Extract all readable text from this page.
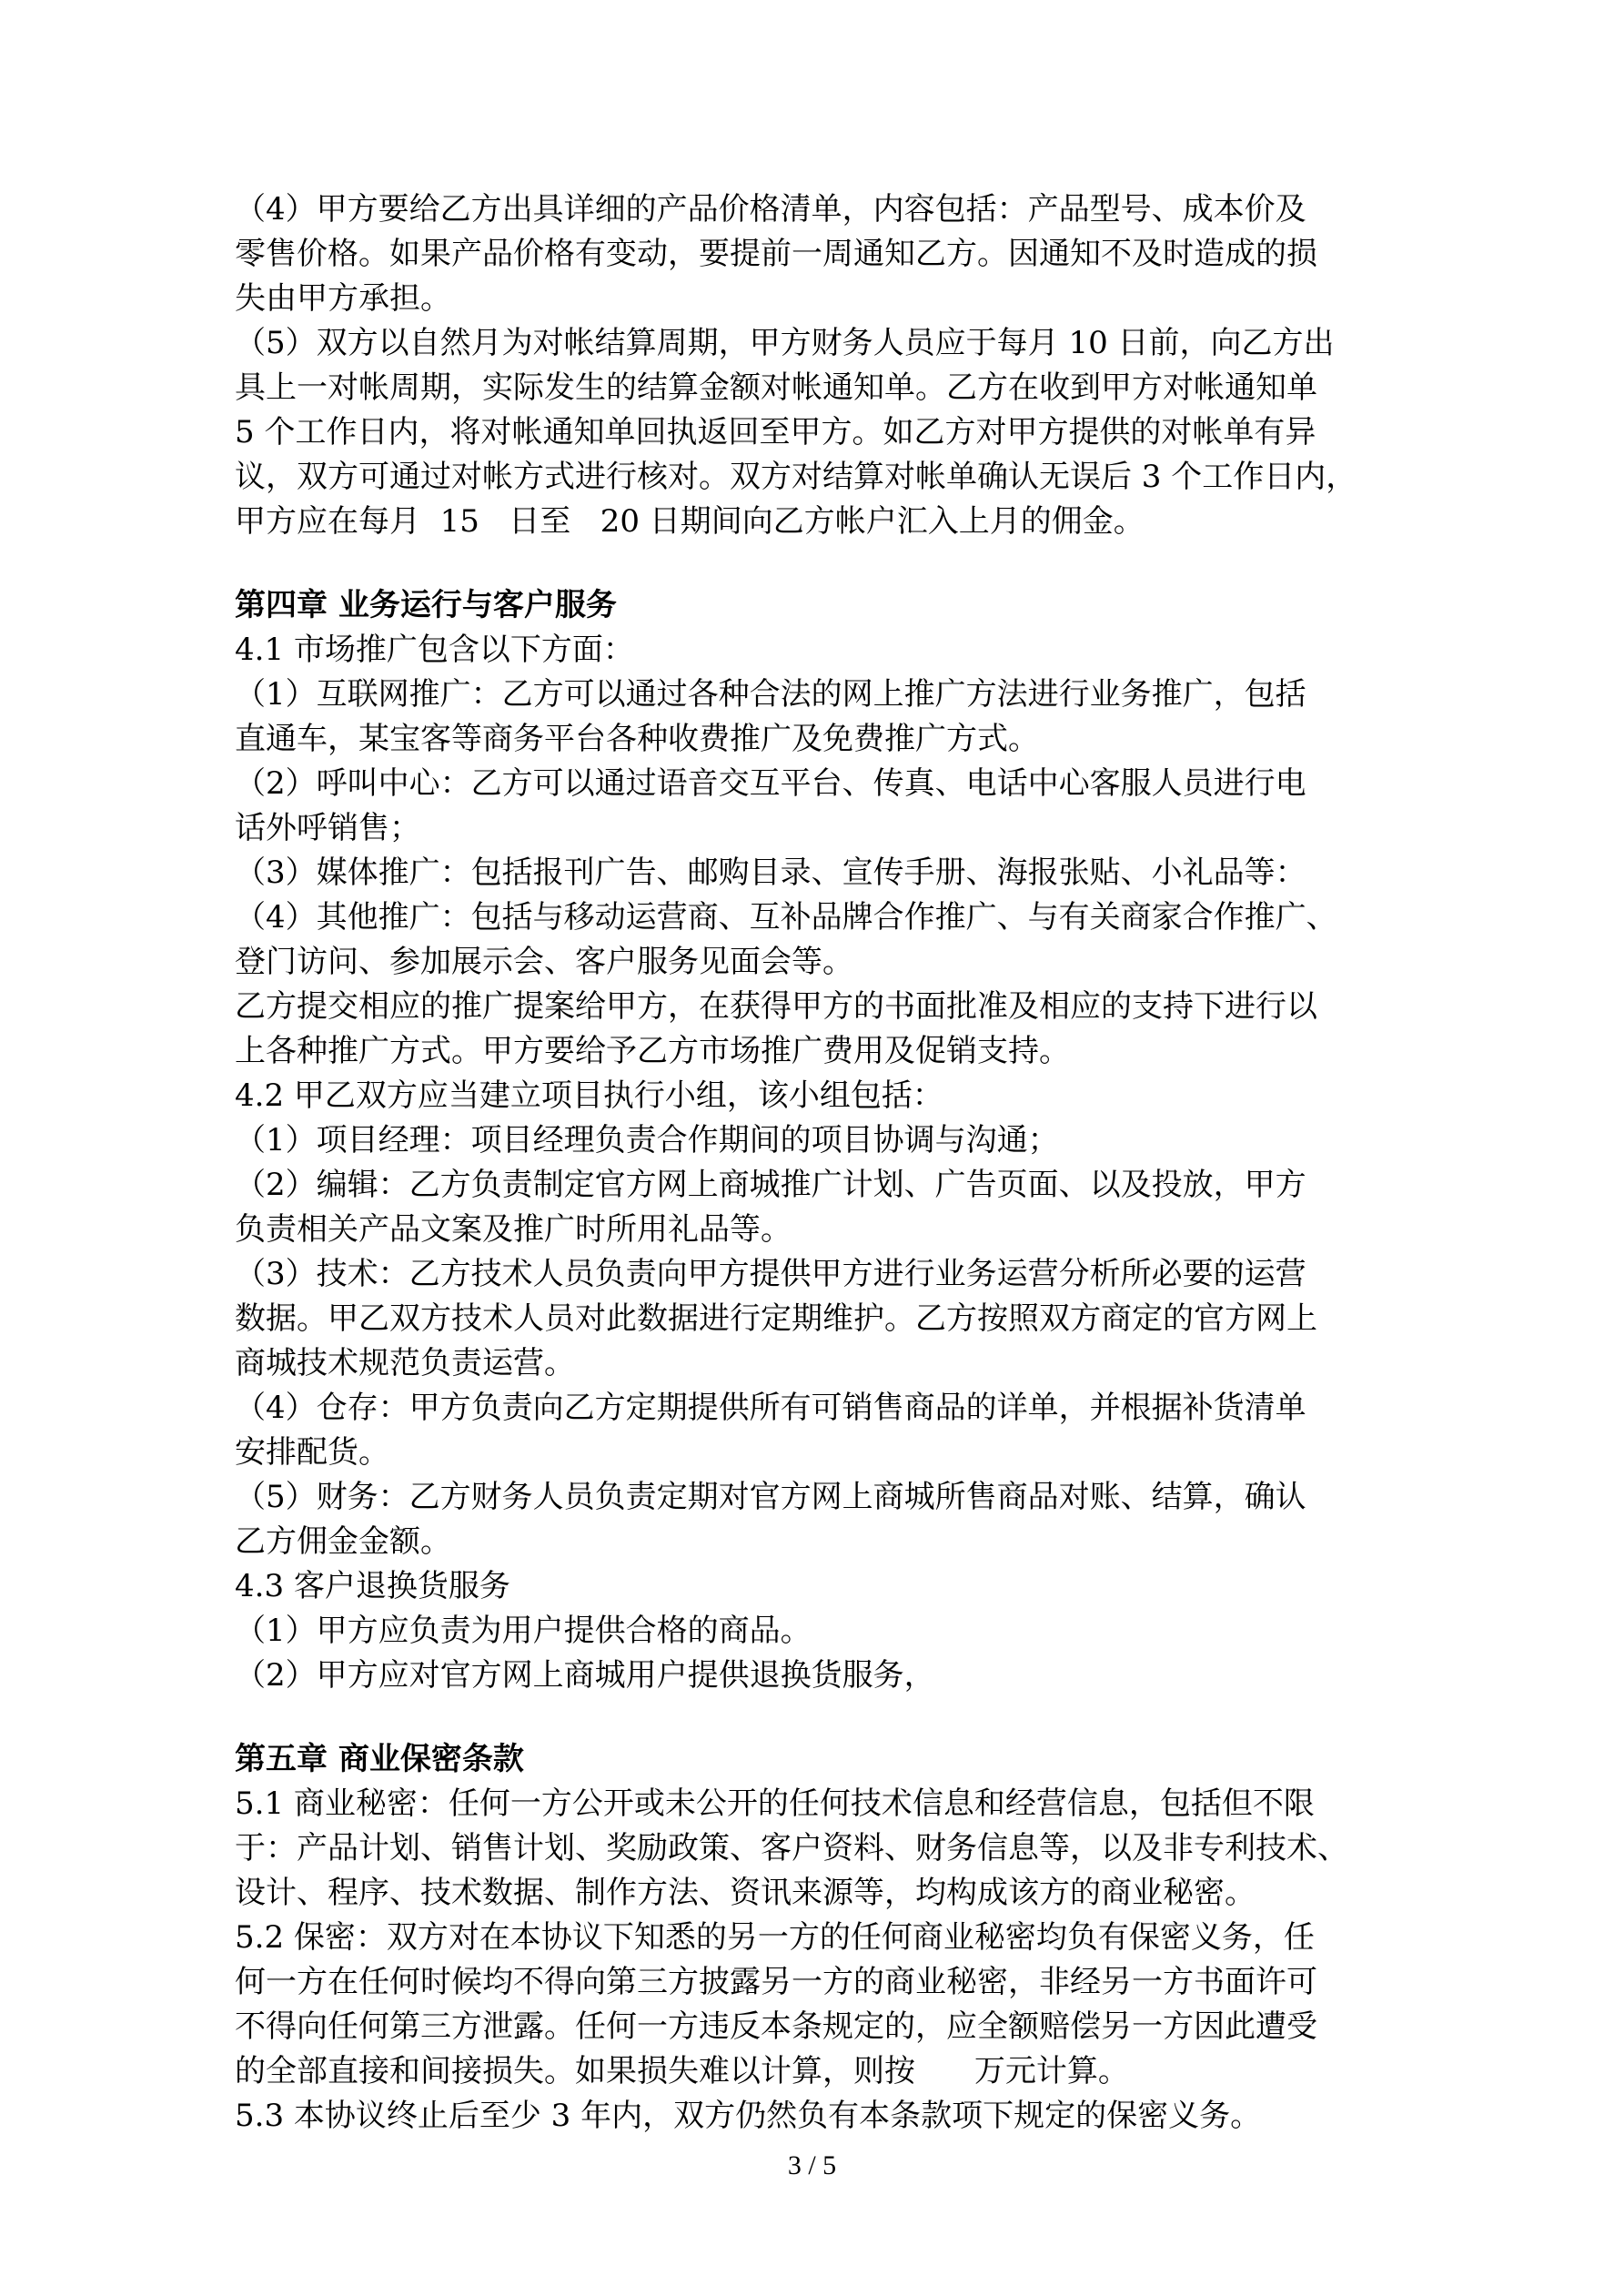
（4）甲方要给乙方出具详细的产品价格清单，内容包括：产品型号、成本价及
零售价格。如果产品价格有变动，要提前一周通知乙方。因通知不及时造成的损
失由甲方承担。
（5）双方以自然月为对帐结算周期，甲方财务人员应于每月 10 日前，向乙方出
具上一对帐周期，实际发生的结算金额对帐通知单。乙方在收到甲方对帐通知单
5 个工作日内，将对帐通知单回执返回至甲方。如乙方对甲方提供的对帐单有异
议，双方可通过对帐方式进行核对。双方对结算对帐单确认无误后 3 个工作日内，
甲方应在每月  15   日至   20 日期间向乙方帐户汇入上月的佣金。
第四章 业务运行与客户服务
4.1 市场推广包含以下方面：
（1）互联网推广：乙方可以通过各种合法的网上推广方法进行业务推广，包括
直通车，某宝客等商务平台各种收费推广及免费推广方式。
（2）呼叫中心：乙方可以通过语音交互平台、传真、电话中心客服人员进行电
话外呼销售；
（3）媒体推广：包括报刊广告、邮购目录、宣传手册、海报张贴、小礼品等：
（4）其他推广：包括与移动运营商、互补品牌合作推广、与有关商家合作推广、
登门访问、参加展示会、客户服务见面会等。
乙方提交相应的推广提案给甲方，在获得甲方的书面批准及相应的支持下进行以
上各种推广方式。甲方要给予乙方市场推广费用及促销支持。
4.2 甲乙双方应当建立项目执行小组，该小组包括：
（1）项目经理：项目经理负责合作期间的项目协调与沟通；
（2）编辑：乙方负责制定官方网上商城推广计划、广告页面、以及投放，甲方
负责相关产品文案及推广时所用礼品等。
（3）技术：乙方技术人员负责向甲方提供甲方进行业务运营分析所必要的运营
数据。甲乙双方技术人员对此数据进行定期维护。乙方按照双方商定的官方网上
商城技术规范负责运营。
（4）仓存：甲方负责向乙方定期提供所有可销售商品的详单，并根据补货清单
安排配货。
（5）财务：乙方财务人员负责定期对官方网上商城所售商品对账、结算，确认
乙方佣金金额。
4.3 客户退换货服务
（1）甲方应负责为用户提供合格的商品。
（2）甲方应对官方网上商城用户提供退换货服务，
第五章 商业保密条款
5.1 商业秘密：任何一方公开或未公开的任何技术信息和经营信息，包括但不限
于：产品计划、销售计划、奖励政策、客户资料、财务信息等，以及非专利技术、
设计、程序、技术数据、制作方法、资讯来源等，均构成该方的商业秘密。
5.2 保密：双方对在本协议下知悉的另一方的任何商业秘密均负有保密义务，任
何一方在任何时候均不得向第三方披露另一方的商业秘密，非经另一方书面许可
不得向任何第三方泄露。任何一方违反本条规定的，应全额赔偿另一方因此遭受
的全部直接和间接损失。如果损失难以计算，则按      万元计算。
5.3 本协议终止后至少 3 年内，双方仍然负有本条款项下规定的保密义务。
3 / 5
